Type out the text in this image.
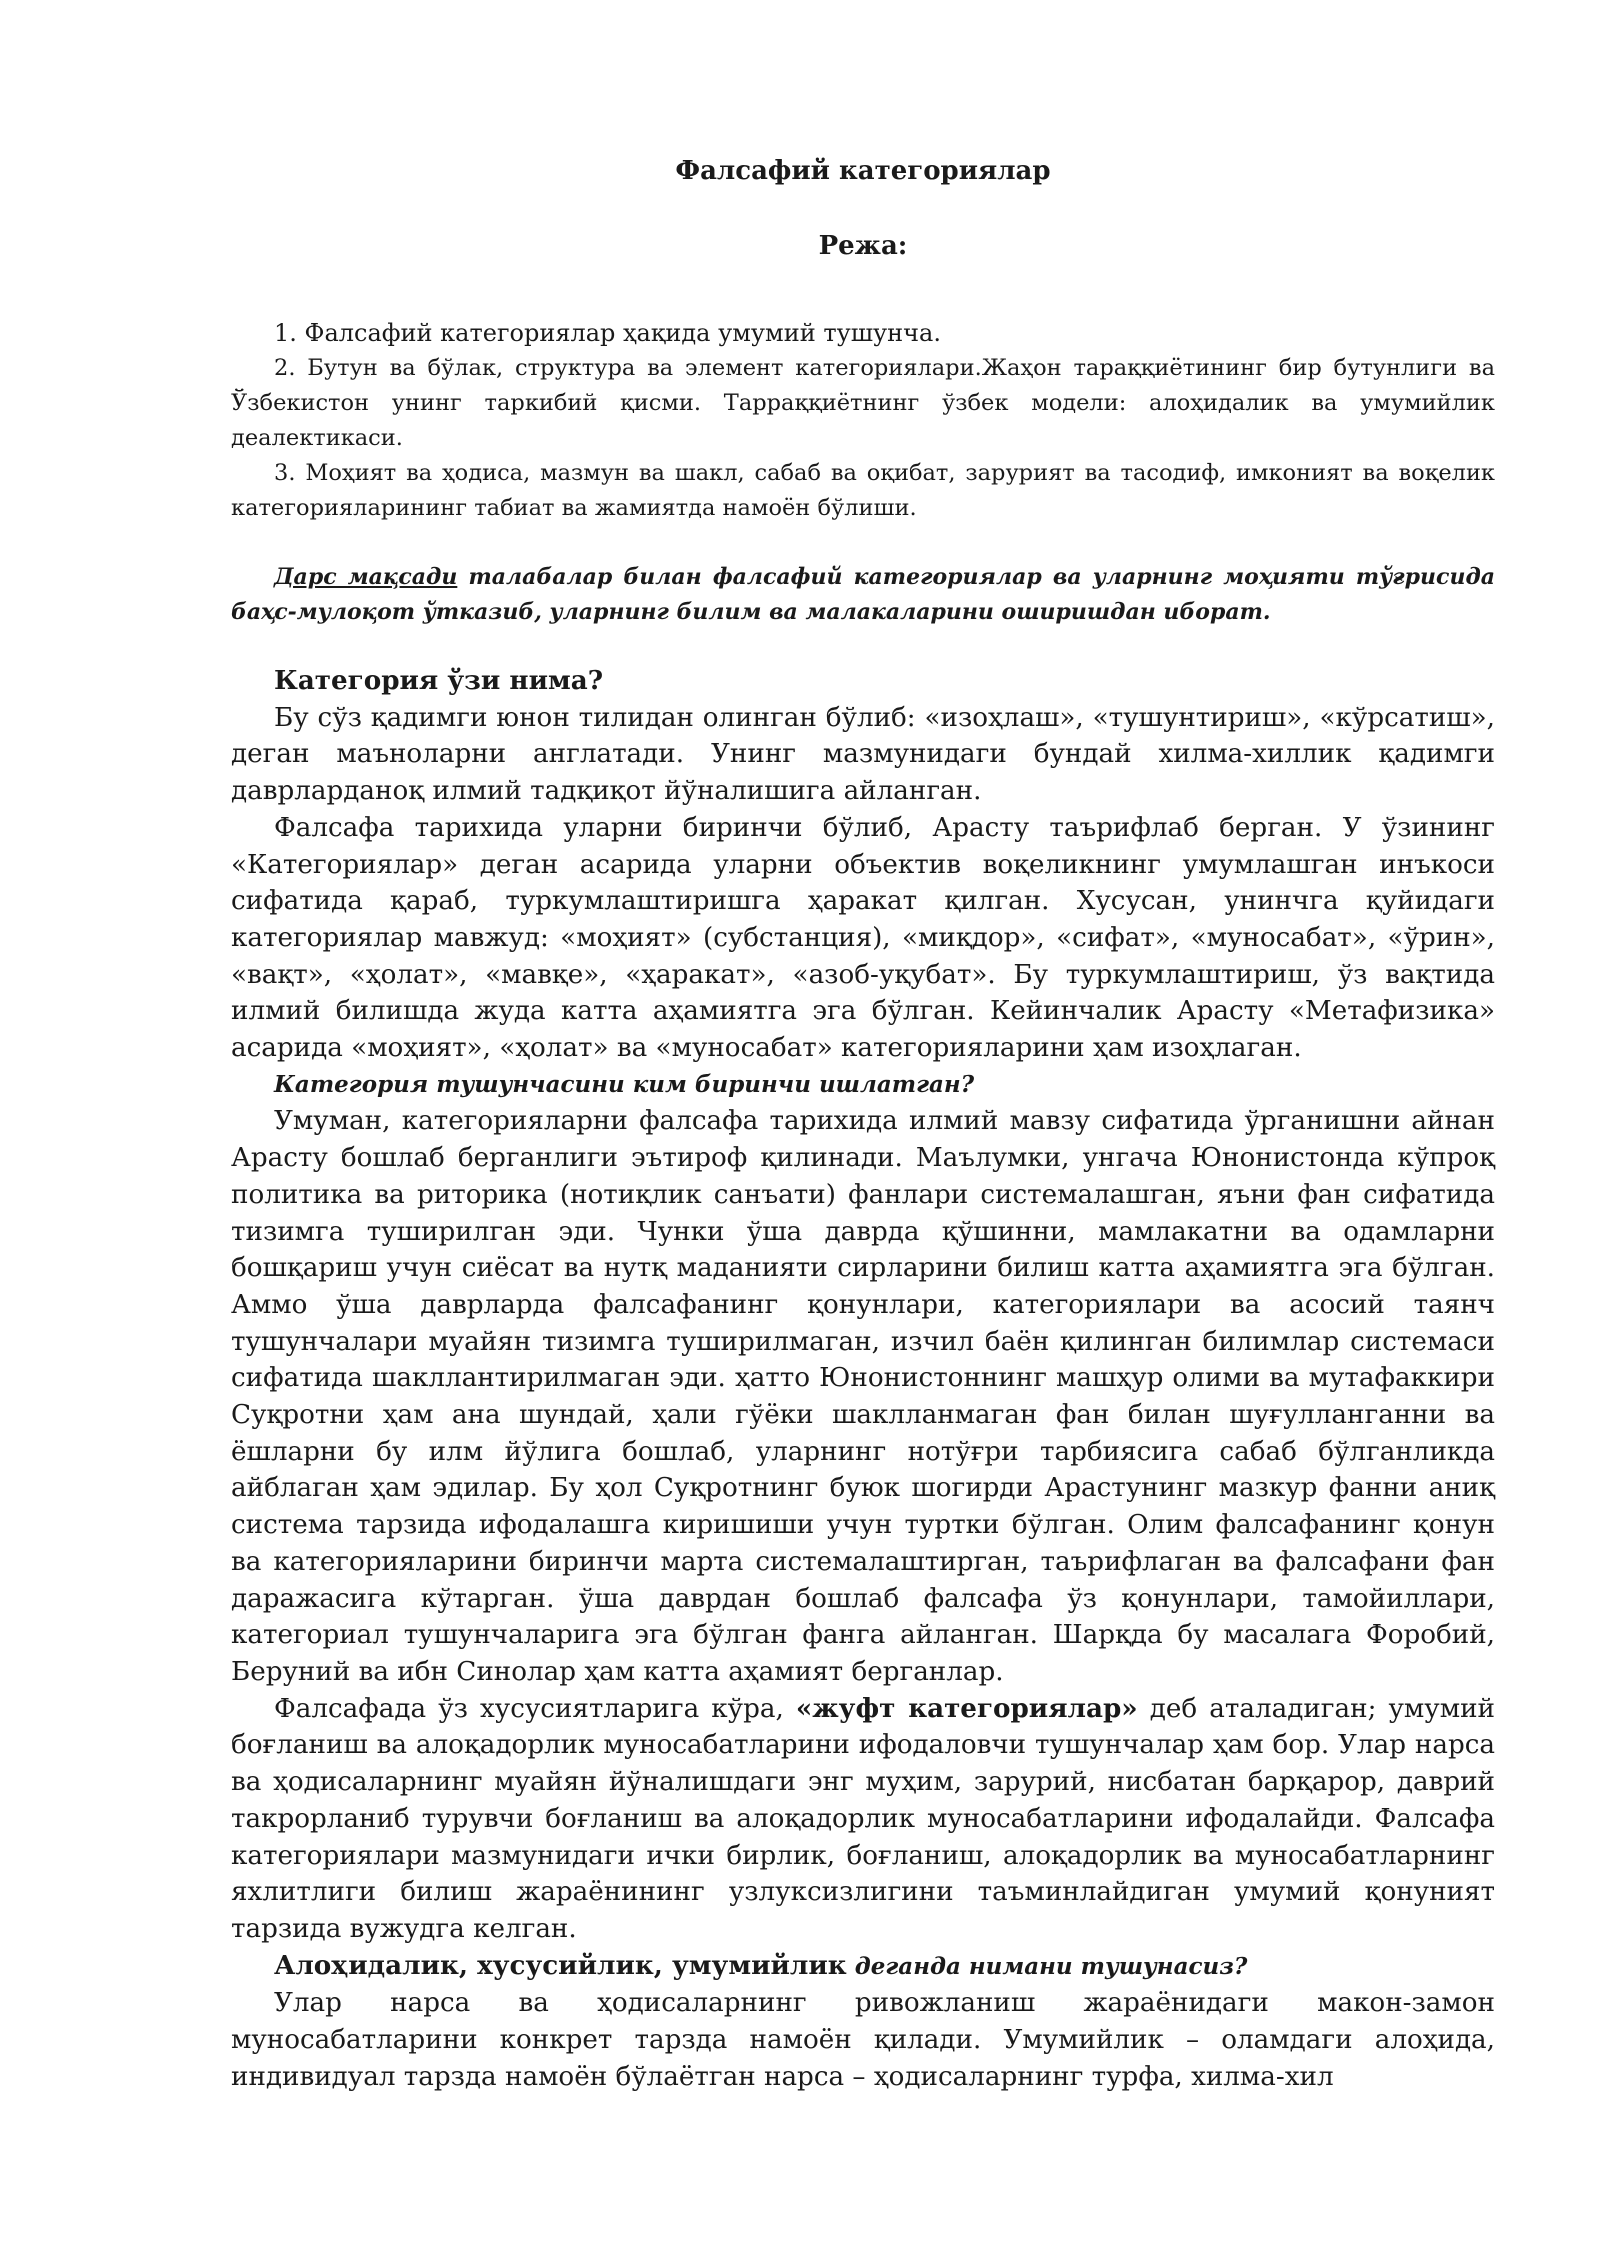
Фалсафий категориялар
Режа:

1. Фалсафий категориялар ҳақида умумий тушунча.

2. Бутун ва бўлак, структура ва элемент категориялари.Жаҳон тараққиётининг бир бутунлиги ва Ўзбекистон унинг таркибий қисми. Тарраққиётнинг ўзбек модели: алоҳидалик ва умумийлик деалектикаси.

3. Моҳият ва ҳодиса, мазмун ва шакл, сабаб ва оқибат, зарурият ва тасодиф, имконият ва воқелик категорияларининг табиат ва жамиятда намоён бўлиши.

Дарс мақсади талабалар билан фалсафий категориялар ва уларнинг моҳияти тўғрисида баҳс-мулоқот ўтказиб, уларнинг билим ва малакаларини оширишдан иборат.

Категория ўзи нима?

Бу сўз қадимги юнон тилидан олинган бўлиб: «изоҳлаш», «тушунтириш», «кўрсатиш», деган маъноларни англатади. Унинг мазмунидаги бундай хилма-хиллик қадимги даврларданоқ илмий тадқиқот йўналишига айланган.

Фалсафа тарихида уларни биринчи бўлиб, Арасту таърифлаб берган. У ўзининг «Категориялар» деган асарида уларни объектив воқеликнинг умумлашган инъкоси сифатида қараб, туркумлаштиришга ҳаракат қилган. Хусусан, унинчга қуйидаги категориялар мавжуд: «моҳият» (субстанция), «миқдор», «сифат», «муносабат», «ўрин», «вақт», «ҳолат», «мавқе», «ҳаракат», «азоб-уқубат». Бу туркумлаштириш, ўз вақтида илмий билишда жуда катта аҳамиятга эга бўлган. Кейинчалик Арасту «Метафизика» асарида «моҳият», «ҳолат» ва «муносабат» категорияларини ҳам изоҳлаган.

Категория тушунчасини ким биринчи ишлатган?

Умуман, категорияларни фалсафа тарихида илмий мавзу сифатида ўрганишни айнан Арасту бошлаб берганлиги эътироф қилинади. Маълумки, унгача Юнонистонда кўпроқ политика ва риторика (нотиқлик санъати) фанлари системалашган, яъни фан сифатида тизимга туширилган эди. Чунки ўша даврда қўшинни, мамлакатни ва одамларни бошқариш учун сиёсат ва нутқ маданияти сирларини билиш катта аҳамиятга эга бўлган. Аммо ўша даврларда фалсафанинг қонунлари, категориялари ва асосий таянч тушунчалари муайян тизимга туширилмаган, изчил баён қилинган билимлар системаси сифатида шакллантирилмаган эди. ҳатто Юнонистоннинг машҳур олими ва мутафаккири Суқротни ҳам ана шундай, ҳали гўёки шаклланмаган фан билан шуғулланганни ва ёшларни бу илм йўлига бошлаб, уларнинг нотўғри тарбиясига сабаб бўлганликда айблаган ҳам эдилар. Бу ҳол Суқротнинг буюк шогирди Арастунинг мазкур фанни аниқ система тарзида ифодалашга киришиши учун туртки бўлган. Олим фалсафанинг қонун ва категорияларини биринчи марта системалаштирган, таърифлаган ва фалсафани фан даражасига кўтарган. ўша даврдан бошлаб фалсафа ўз қонунлари, тамойиллари, категориал тушунчаларига эга бўлган фанга айланган. Шарқда бу масалага Форобий, Беруний ва ибн Синолар ҳам катта аҳамият берганлар.

Фалсафада ўз хусусиятларига кўра, «жуфт категориялар» деб аталадиган; умумий боғланиш ва алоқадорлик муносабатларини ифодаловчи тушунчалар ҳам бор. Улар нарса ва ҳодисаларнинг муайян йўналишдаги энг муҳим, зарурий, нисбатан барқарор, даврий такрорланиб турувчи боғланиш ва алоқадорлик муносабатларини ифодалайди. Фалсафа категориялари мазмунидаги ички бирлик, боғланиш, алоқадорлик ва муносабатларнинг яхлитлиги билиш жараёнининг узлуксизлигини таъминлайдиган умумий қонуният тарзида вужудга келган.

Алоҳидалик, хусусийлик, умумийлик деганда нимани тушунасиз?

Улар нарса ва ҳодисаларнинг ривожланиш жараёнидаги макон-замон муносабатларини конкрет тарзда намоён қилади. Умумийлик – оламдаги алоҳида, индивидуал тарзда намоён бўлаётган нарса – ҳодисаларнинг турфа, хилма-хил
